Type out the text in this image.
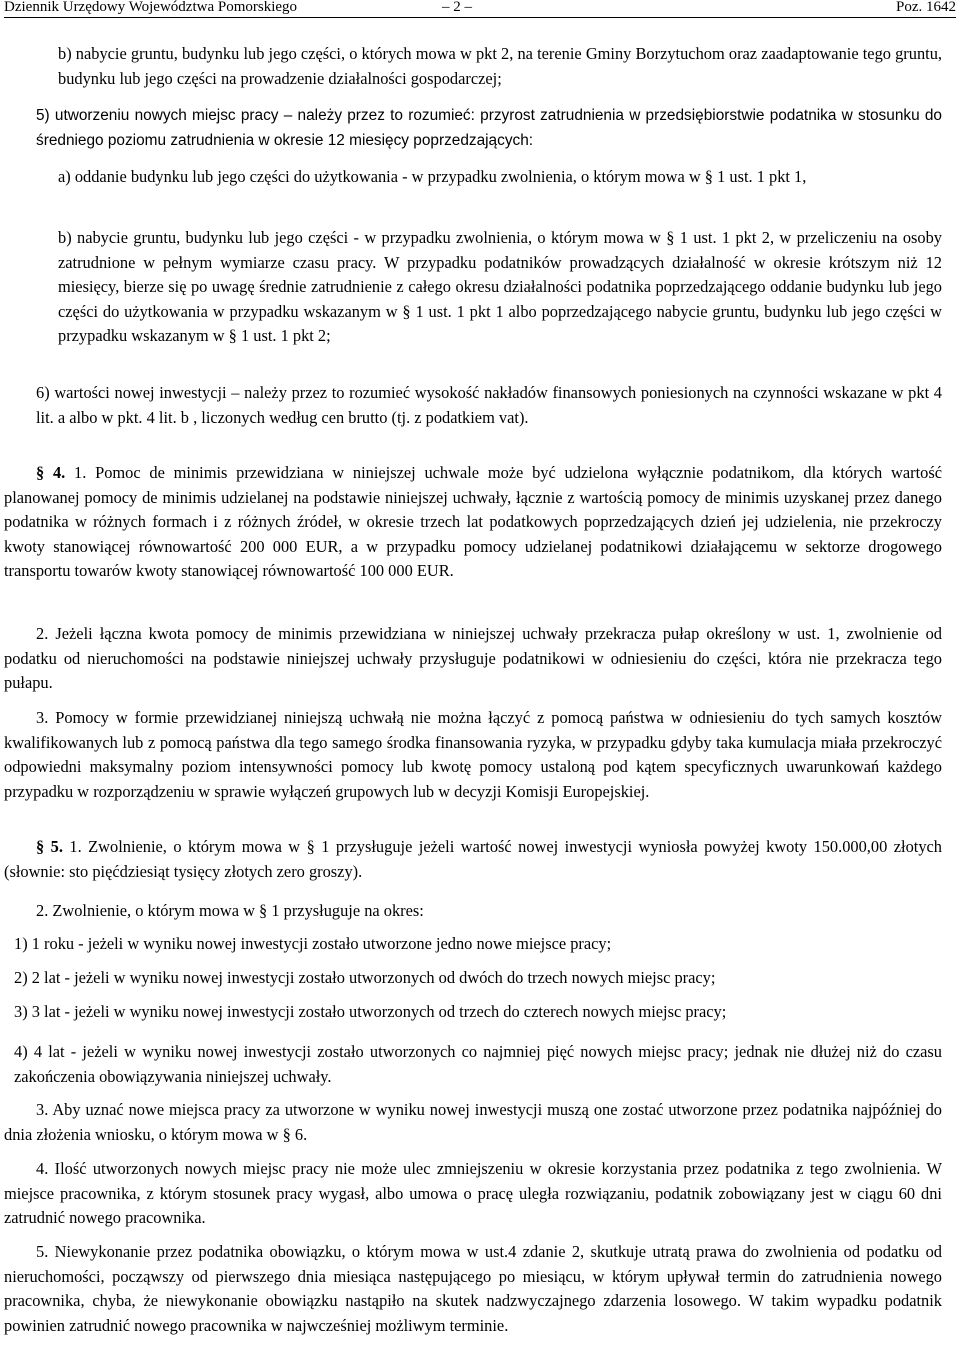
Dziennik Urzędowy Województwa Pomorskiego	– 2 –	Poz. 1642

b) nabycie gruntu, budynku lub jego części, o których mowa w pkt 2, na terenie Gminy Borzytuchom oraz zaadaptowanie tego gruntu, budynku lub jego części na prowadzenie działalności gospodarczej;

5) utworzeniu nowych miejsc pracy – należy przez to rozumieć: przyrost zatrudnienia w przedsiębiorstwie podatnika w stosunku do średniego poziomu zatrudnienia w okresie 12 miesięcy poprzedzających:

a) oddanie budynku lub jego części do użytkowania - w przypadku zwolnienia, o którym mowa w § 1 ust. 1 pkt 1,

b) nabycie gruntu, budynku lub jego części - w przypadku zwolnienia, o którym mowa w § 1 ust. 1 pkt 2, w przeliczeniu na osoby zatrudnione w pełnym wymiarze czasu pracy. W przypadku podatników prowadzących działalność w okresie krótszym niż 12 miesięcy, bierze się po uwagę średnie zatrudnienie z całego okresu działalności podatnika poprzedzającego oddanie budynku lub jego części do użytkowania w przypadku wskazanym w § 1 ust. 1 pkt 1 albo poprzedzającego nabycie gruntu, budynku lub jego części w przypadku wskazanym w § 1 ust. 1 pkt 2;

6) wartości nowej inwestycji – należy przez to rozumieć wysokość nakładów finansowych poniesionych na czynności wskazane w pkt 4 lit. a albo w pkt. 4 lit. b , liczonych według cen brutto (tj. z podatkiem vat).

§ 4. 1. Pomoc de minimis przewidziana w niniejszej uchwale może być udzielona wyłącznie podatnikom, dla których wartość planowanej pomocy de minimis udzielanej na podstawie niniejszej uchwały, łącznie z wartością pomocy de minimis uzyskanej przez danego podatnika w różnych formach i z różnych źródeł, w okresie trzech lat podatkowych poprzedzających dzień jej udzielenia, nie przekroczy kwoty stanowiącej równowartość 200 000 EUR, a w przypadku pomocy udzielanej podatnikowi działającemu w sektorze drogowego transportu towarów kwoty stanowiącej równowartość 100 000 EUR.

2. Jeżeli łączna kwota pomocy de minimis przewidziana w niniejszej uchwały przekracza pułap określony w ust. 1, zwolnienie od podatku od nieruchomości na podstawie niniejszej uchwały przysługuje podatnikowi w odniesieniu do części, która nie przekracza tego pułapu.

3. Pomocy w formie przewidzianej niniejszą uchwałą nie można łączyć z pomocą państwa w odniesieniu do tych samych kosztów kwalifikowanych lub z pomocą państwa dla tego samego środka finansowania ryzyka, w przypadku gdyby taka kumulacja miała przekroczyć odpowiedni maksymalny poziom intensywności pomocy lub kwotę pomocy ustaloną pod kątem specyficznych uwarunkowań każdego przypadku w rozporządzeniu w sprawie wyłączeń grupowych lub w decyzji Komisji Europejskiej.

§ 5. 1. Zwolnienie, o którym mowa w § 1 przysługuje jeżeli wartość nowej inwestycji wyniosła powyżej kwoty 150.000,00 złotych (słownie: sto pięćdziesiąt tysięcy złotych zero groszy).

2. Zwolnienie, o którym mowa w § 1 przysługuje na okres:

1) 1 roku - jeżeli w wyniku nowej inwestycji zostało utworzone jedno nowe miejsce pracy;

2) 2 lat - jeżeli w wyniku nowej inwestycji zostało utworzonych od dwóch do trzech nowych miejsc pracy;

3) 3 lat - jeżeli w wyniku nowej inwestycji zostało utworzonych od trzech do czterech nowych miejsc pracy;

4) 4 lat - jeżeli w wyniku nowej inwestycji zostało utworzonych co najmniej pięć nowych miejsc pracy; jednak nie dłużej niż do czasu zakończenia obowiązywania niniejszej uchwały.

3. Aby uznać nowe miejsca pracy za utworzone w wyniku nowej inwestycji muszą one zostać utworzone przez podatnika najpóźniej do dnia złożenia wniosku, o którym mowa w § 6.

4. Ilość utworzonych nowych miejsc pracy nie może ulec zmniejszeniu w okresie korzystania przez podatnika z tego zwolnienia. W miejsce pracownika, z którym stosunek pracy wygasł, albo umowa o pracę uległa rozwiązaniu, podatnik zobowiązany jest w ciągu 60 dni zatrudnić nowego pracownika.

5. Niewykonanie przez podatnika obowiązku, o którym mowa w ust.4 zdanie 2, skutkuje utratą prawa do zwolnienia od podatku od nieruchomości, począwszy od pierwszego dnia miesiąca następującego po miesiącu, w którym upływał termin do zatrudnienia nowego pracownika, chyba, że niewykonanie obowiązku nastąpiło na skutek nadzwyczajnego zdarzenia losowego. W takim wypadku podatnik powinien zatrudnić nowego pracownika w najwcześniej możliwym terminie.
